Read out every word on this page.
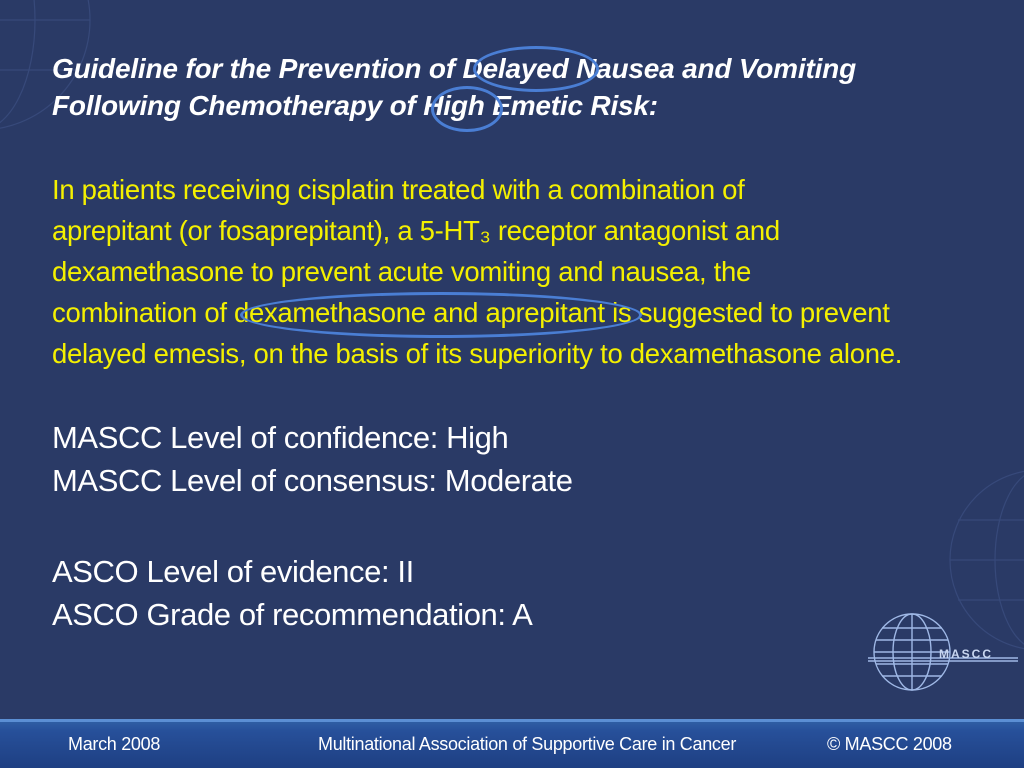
Guideline for the Prevention of Delayed Nausea and Vomiting

Following Chemotherapy of High Emetic Risk:

In patients receiving cisplatin treated with a combination of

aprepitant (or fosaprepitant), a 5-HT₃ receptor antagonist and

dexamethasone to prevent acute vomiting and nausea, the

combination of dexamethasone and aprepitant is suggested to prevent

delayed emesis, on the basis of its superiority to dexamethasone alone.

MASCC Level of confidence: High

MASCC Level of consensus: Moderate

ASCO Level of evidence: II

ASCO Grade of recommendation: A

MASCC

March 2008	Multinational Association of Supportive Care in Cancer	© MASCC 2008
